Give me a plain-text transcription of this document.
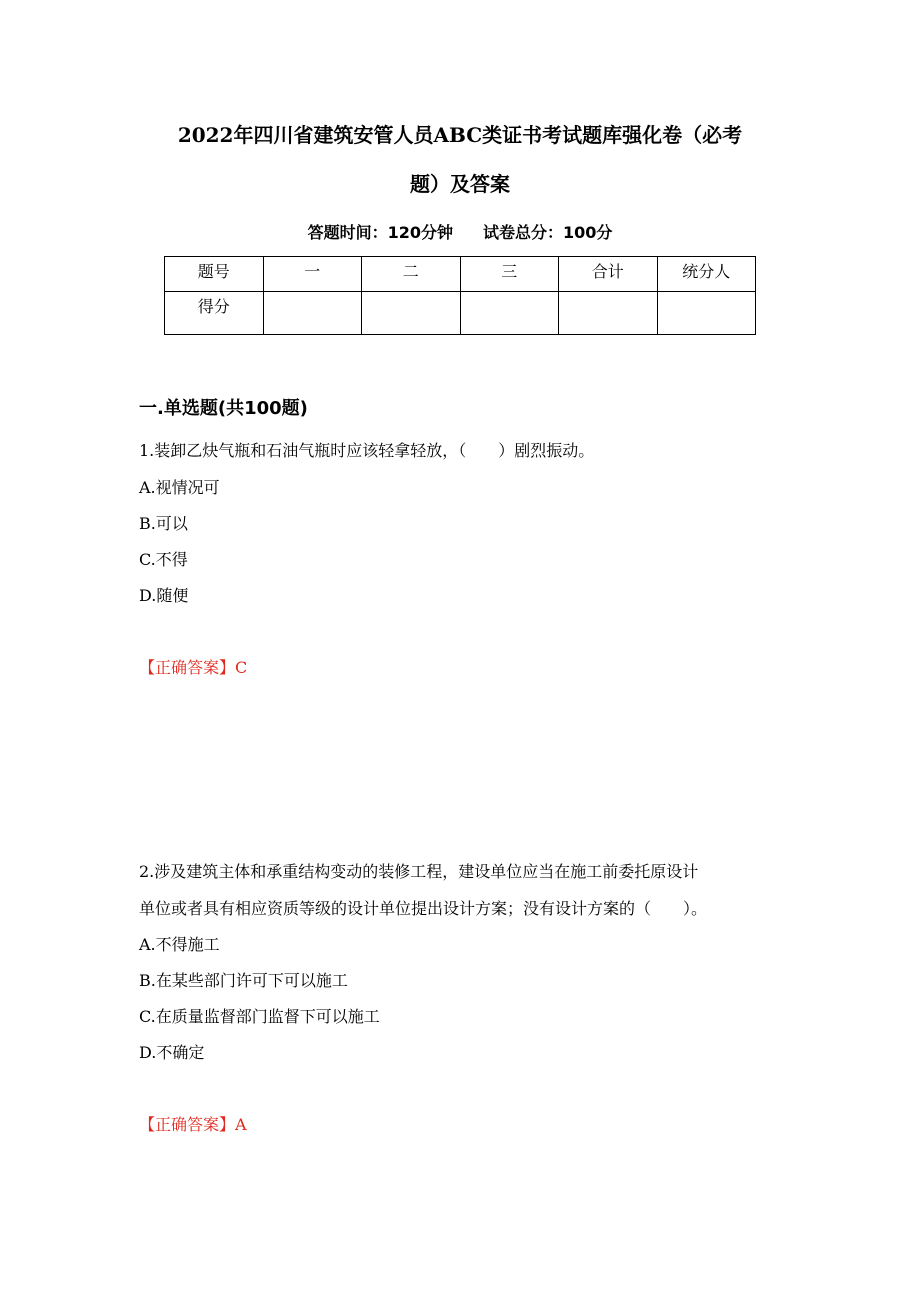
2022年四川省建筑安管人员ABC类证书考试题库强化卷（必考
题）及答案
答题时间：120分钟 试卷总分：100分
题号	一	二	三	合计	统分人
得分					
一.单选题(共100题)
1.装卸乙炔气瓶和石油气瓶时应该轻拿轻放，（　　）剧烈振动。
A.视情况可
B.可以
C.不得
D.随便
【正确答案】C
2.涉及建筑主体和承重结构变动的装修工程，建设单位应当在施工前委托原设计
单位或者具有相应资质等级的设计单位提出设计方案；没有设计方案的（　　）。
A.不得施工
B.在某些部门许可下可以施工
C.在质量监督部门监督下可以施工
D.不确定
【正确答案】A
